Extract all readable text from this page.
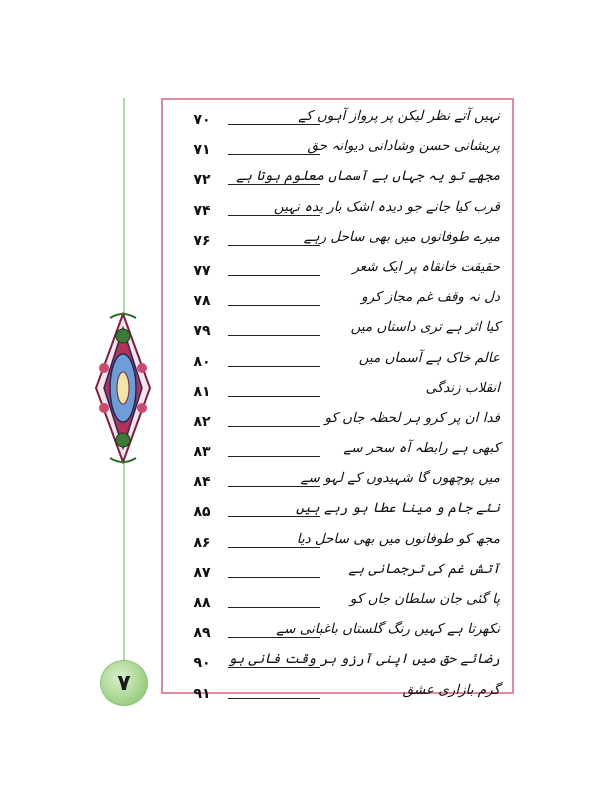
۷
۷۰	نہیں آتے نظر لیکن پر پرواز آہوں کے
۷۱	پریشانی حسن وشادانی دیوانہ حق
۷۲	مجھے تو یہ جہاں بے آسماں معلوم ہوتا ہے
۷۴	قرب کیا جانے جو دیدہ اشک بار یدہ نہیں
۷۶	میرے طوفانوں میں بھی ساحل رہے
۷۷	حقیقت خانقاہ پر ایک شعر
۷۸	دل نہ وقف غم مجاز کرو
۷۹	کیا اثر ہے تری داستاں میں
۸۰	عالم خاک ہے آسماں میں
۸۱	انقلاب زندگی
۸۲	فدا ان پر کرو ہر لحظہ جاں کو
۸۳	کبھی ہے رابطہ آہ سحر سے
۸۴	میں پوچھوں گا شہیدوں کے لہو سے
۸۵	نئے جام و مینا عطا ہو رہے ہیں
۸۶	مجھ کو طوفانوں میں بھی ساحل دیا
۸۷	آتش غم کی ترجمانی ہے
۸۸	پا گئی جان سلطان جاں کو
۸۹	نکھرتا ہے کہیں رنگ گلستاں باغبانی سے
۹۰	رضائے حق میں اپنی آرزو ہر وقت فانی ہو
۹۱	گرم بازاری عشق
